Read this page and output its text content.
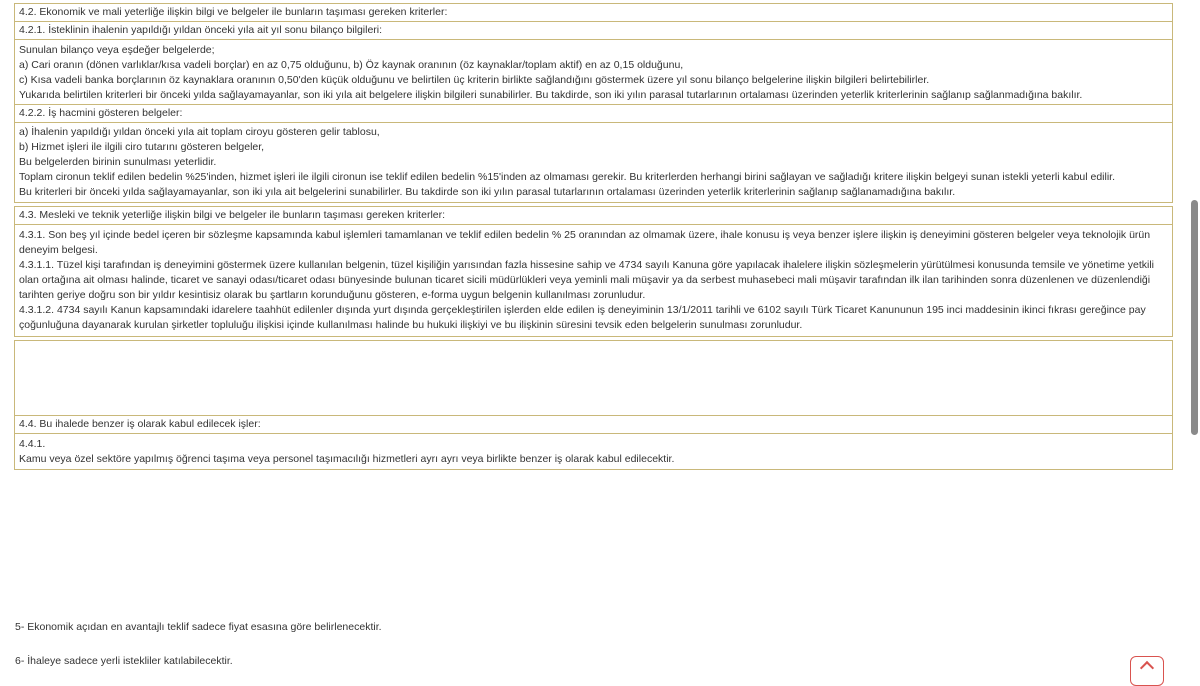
4.2. Ekonomik ve mali yeterliğe ilişkin bilgi ve belgeler ile bunların taşıması gereken kriterler:

4.2.1. İsteklinin ihalenin yapıldığı yıldan önceki yıla ait yıl sonu bilanço bilgileri:

Sunulan bilanço veya eşdeğer belgelerde;

a) Cari oranın (dönen varlıklar/kısa vadeli borçlar) en az 0,75 olduğunu, b) Öz kaynak oranının (öz kaynaklar/toplam aktif) en az 0,15 olduğunu,

c) Kısa vadeli banka borçlarının öz kaynaklara oranının 0,50'den küçük olduğunu ve belirtilen üç kriterin birlikte sağlandığını göstermek üzere yıl sonu bilanço belgelerine ilişkin bilgileri belirtebilirler.

Yukarıda belirtilen kriterleri bir önceki yılda sağlayamayanlar, son iki yıla ait belgelere ilişkin bilgileri sunabilirler. Bu takdirde, son iki yılın parasal tutarlarının ortalaması üzerinden yeterlik kriterlerinin sağlanıp sağlanmadığına bakılır.

4.2.2. İş hacmini gösteren belgeler:

a) İhalenin yapıldığı yıldan önceki yıla ait toplam ciroyu gösteren gelir tablosu,

b) Hizmet işleri ile ilgili ciro tutarını gösteren belgeler,

Bu belgelerden birinin sunulması yeterlidir.

Toplam cironun teklif edilen bedelin %25'inden, hizmet işleri ile ilgili cironun ise teklif edilen bedelin %15'inden az olmaması gerekir. Bu kriterlerden herhangi birini sağlayan ve sağladığı kritere ilişkin belgeyi sunan istekli yeterli kabul edilir.

Bu kriterleri bir önceki yılda sağlayamayanlar, son iki yıla ait belgelerini sunabilirler. Bu takdirde son iki yılın parasal tutarlarının ortalaması üzerinden yeterlik kriterlerinin sağlanıp sağlanamadığına bakılır.

4.3. Mesleki ve teknik yeterliğe ilişkin bilgi ve belgeler ile bunların taşıması gereken kriterler:

4.3.1. Son beş yıl içinde bedel içeren bir sözleşme kapsamında kabul işlemleri tamamlanan ve teklif edilen bedelin % 25 oranından az olmamak üzere, ihale konusu iş veya benzer işlere ilişkin iş deneyimini gösteren belgeler veya teknolojik ürün deneyim belgesi.

4.3.1.1. Tüzel kişi tarafından iş deneyimini göstermek üzere kullanılan belgenin, tüzel kişiliğin yarısından fazla hissesine sahip ve 4734 sayılı Kanuna göre yapılacak ihalelere ilişkin sözleşmelerin yürütülmesi konusunda temsile ve yönetime yetkili olan ortağına ait olması halinde, ticaret ve sanayi odası/ticaret odası bünyesinde bulunan ticaret sicili müdürlükleri veya yeminli mali müşavir ya da serbest muhasebeci mali müşavir tarafından ilk ilan tarihinden sonra düzenlenen ve düzenlendiği tarihten geriye doğru son bir yıldır kesintisiz olarak bu şartların korunduğunu gösteren, e-forma uygun belgenin kullanılması zorunludur.

4.3.1.2. 4734 sayılı Kanun kapsamındaki idarelere taahhüt edilenler dışında yurt dışında gerçekleştirilen işlerden elde edilen iş deneyiminin 13/1/2011 tarihli ve 6102 sayılı Türk Ticaret Kanununun 195 inci maddesinin ikinci fıkrası gereğince pay çoğunluğuna dayanarak kurulan şirketler topluluğu ilişkisi içinde kullanılması halinde bu hukuki ilişkiyi ve bu ilişkinin süresini tevsik eden belgelerin sunulması zorunludur.

4.4. Bu ihalede benzer iş olarak kabul edilecek işler:

4.4.1.

Kamu veya özel sektöre yapılmış öğrenci taşıma veya personel taşımacılığı hizmetleri ayrı ayrı veya birlikte benzer iş olarak kabul edilecektir.

5- Ekonomik açıdan en avantajlı teklif sadece fiyat esasına göre belirlenecektir.
6- İhaleye sadece yerli istekliler katılabilecektir.
